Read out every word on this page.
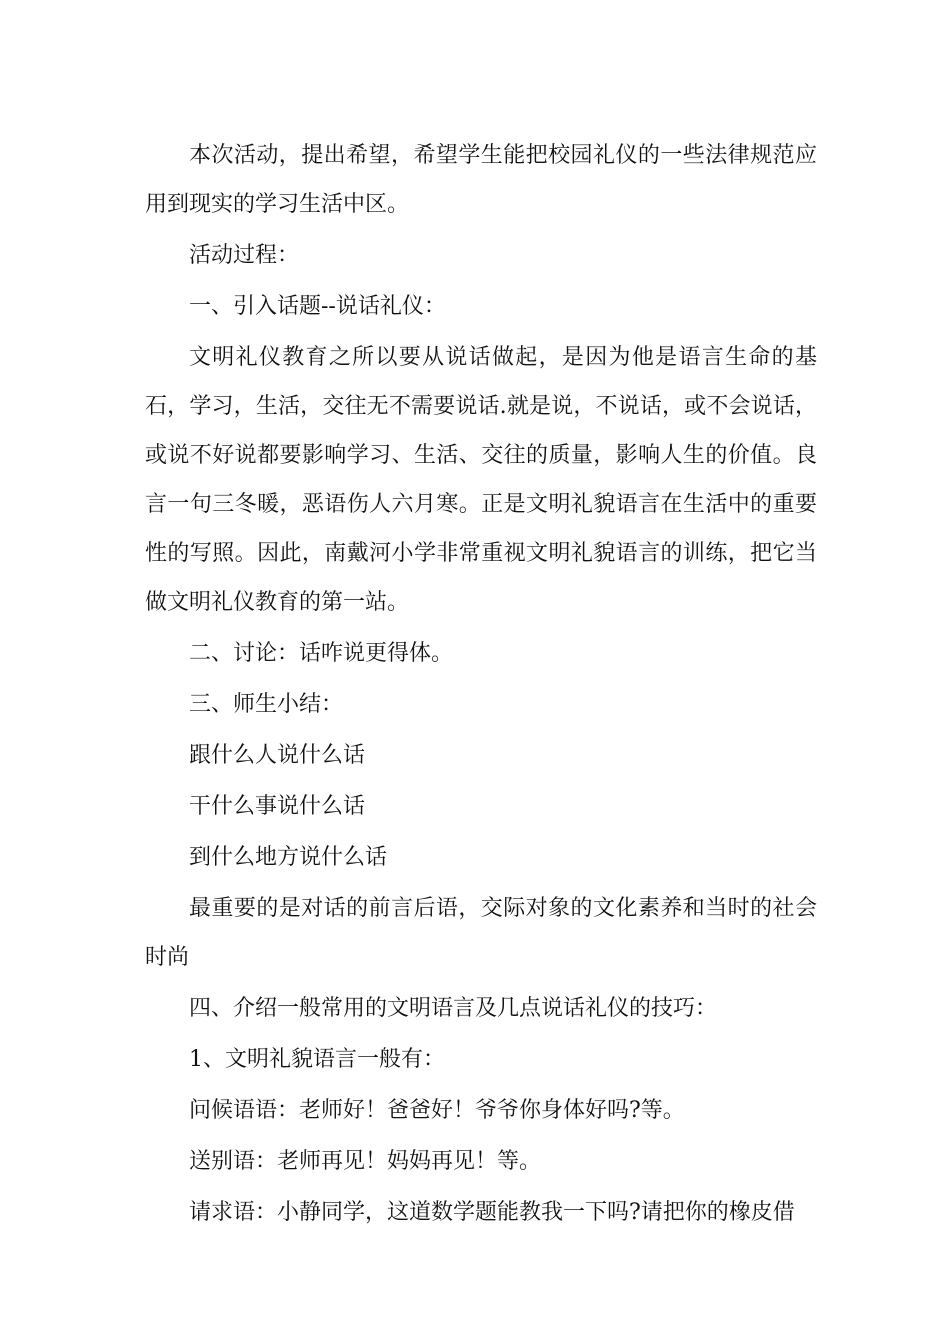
本次活动，提出希望，希望学生能把校园礼仪的一些法律规范应用到现实的学习生活中区。

活动过程：

一、引入话题--说话礼仪：

文明礼仪教育之所以要从说话做起，是因为他是语言生命的基石，学习，生活，交往无不需要说话.就是说，不说话，或不会说话，或说不好说都要影响学习、生活、交往的质量，影响人生的价值。良言一句三冬暖，恶语伤人六月寒。正是文明礼貌语言在生活中的重要性的写照。因此，南戴河小学非常重视文明礼貌语言的训练，把它当做文明礼仪教育的第一站。

二、讨论：话咋说更得体。

三、师生小结：

跟什么人说什么话

干什么事说什么话

到什么地方说什么话

最重要的是对话的前言后语，交际对象的文化素养和当时的社会时尚

四、介绍一般常用的文明语言及几点说话礼仪的技巧：

1、文明礼貌语言一般有：

问候语语：老师好！爸爸好！爷爷你身体好吗?等。

送别语：老师再见！妈妈再见！等。

请求语：小静同学，这道数学题能教我一下吗?请把你的橡皮借
